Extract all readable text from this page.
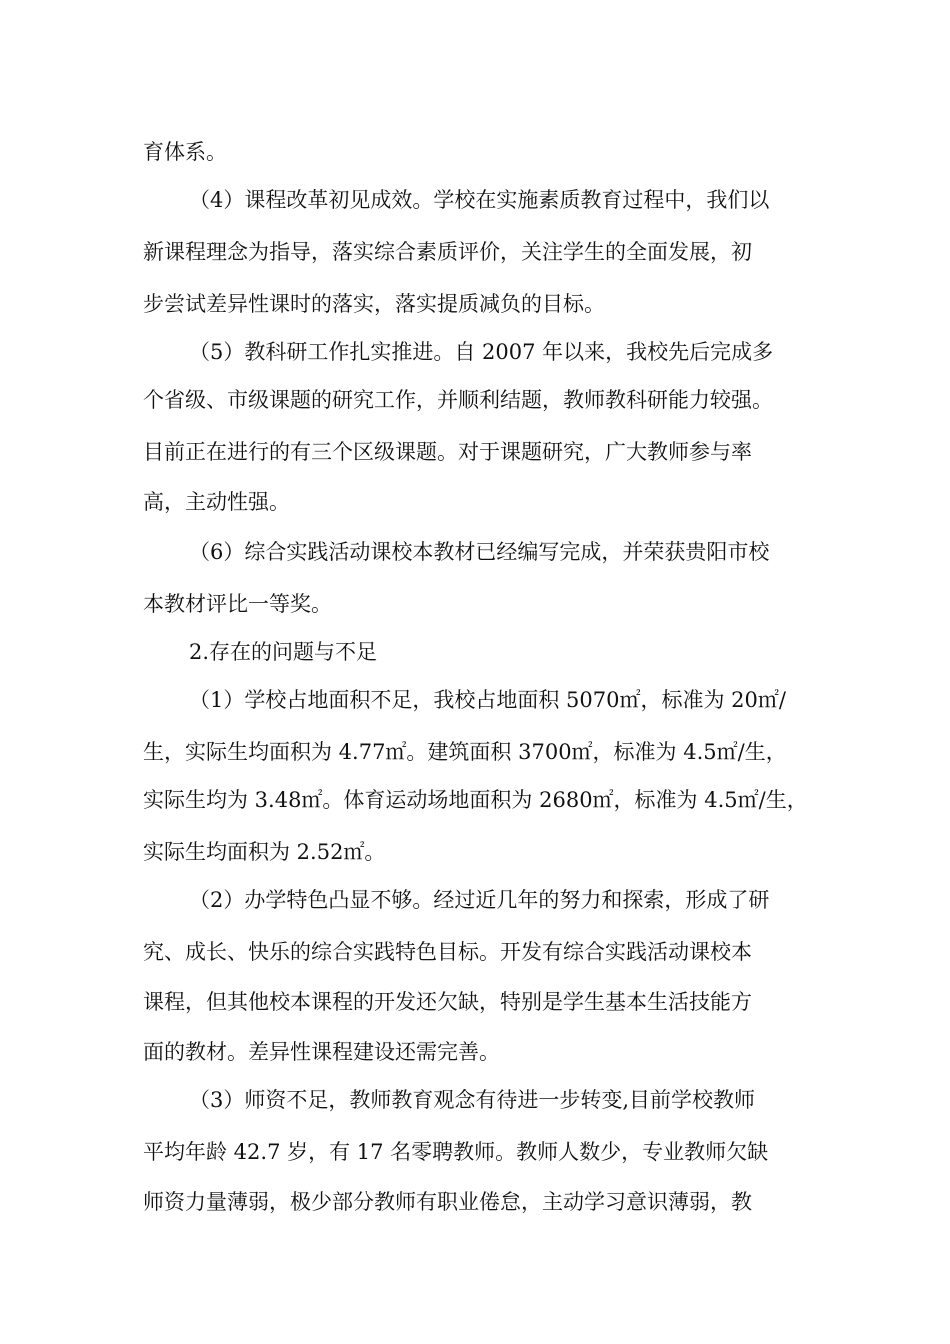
育体系。
（4）课程改革初见成效。学校在实施素质教育过程中，我们以
新课程理念为指导，落实综合素质评价，关注学生的全面发展，初
步尝试差异性课时的落实，落实提质减负的目标。
（5）教科研工作扎实推进。自 2007 年以来，我校先后完成多
个省级、市级课题的研究工作，并顺利结题，教师教科研能力较强。
目前正在进行的有三个区级课题。对于课题研究，广大教师参与率
高，主动性强。
（6）综合实践活动课校本教材已经编写完成，并荣获贵阳市校
本教材评比一等奖。
2.存在的问题与不足
（1）学校占地面积不足，我校占地面积 5070㎡，标准为 20㎡/
生，实际生均面积为 4.77㎡。建筑面积 3700㎡，标准为 4.5㎡/生，
实际生均为 3.48㎡。体育运动场地面积为 2680㎡，标准为 4.5㎡/生，
实际生均面积为 2.52㎡。
（2）办学特色凸显不够。经过近几年的努力和探索，形成了研
究、成长、快乐的综合实践特色目标。开发有综合实践活动课校本
课程，但其他校本课程的开发还欠缺，特别是学生基本生活技能方
面的教材。差异性课程建设还需完善。
（3）师资不足，教师教育观念有待进一步转变,目前学校教师
平均年龄 42.7 岁，有 17 名零聘教师。教师人数少，专业教师欠缺
师资力量薄弱，极少部分教师有职业倦怠，主动学习意识薄弱，教
